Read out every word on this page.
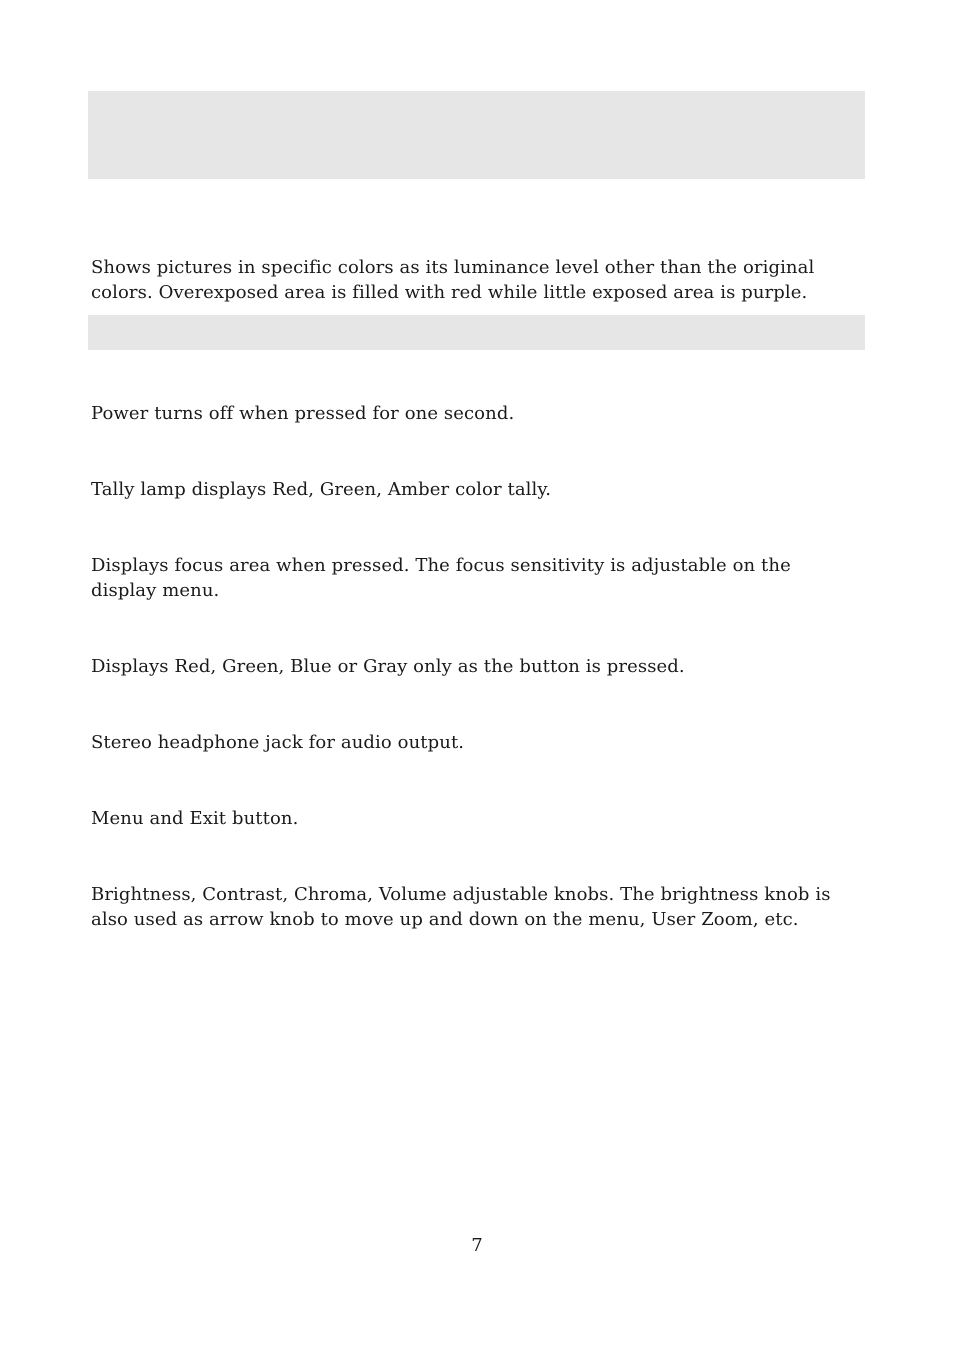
Shows pictures in specific colors as its luminance level other than the original colors. Overexposed area is filled with red while little exposed area is purple.

Power turns off when pressed for one second.

Tally lamp displays Red, Green, Amber color tally.

Displays focus area when pressed. The focus sensitivity is adjustable on the display menu.

Displays Red, Green, Blue or Gray only as the button is pressed.

Stereo headphone jack for audio output.

Menu and Exit button.

Brightness, Contrast, Chroma, Volume adjustable knobs. The brightness knob is also used as arrow knob to move up and down on the menu, User Zoom, etc.

7
